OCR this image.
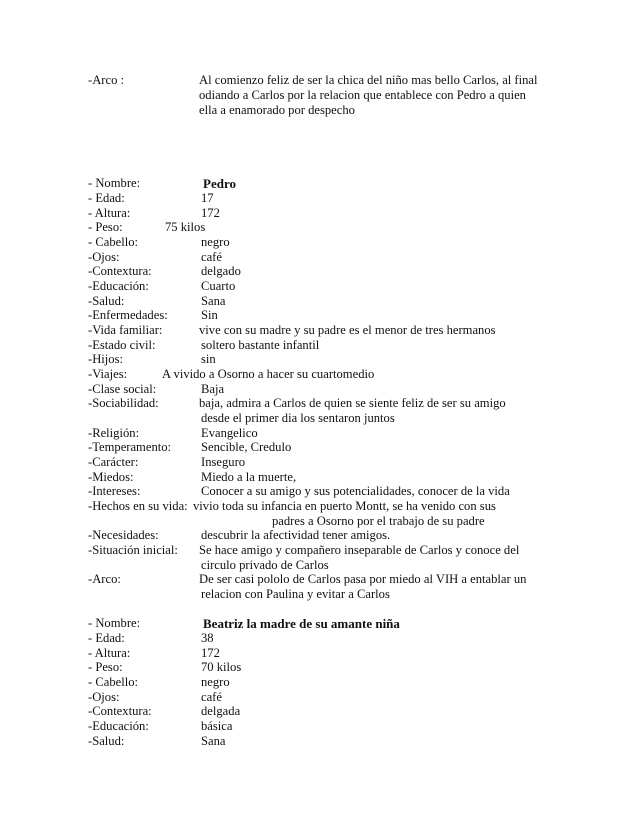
-Arco :	Al comienzo feliz de ser la chica del niño mas bello Carlos, al final
odiando a Carlos por la relacion que entablece con Pedro a quien
ella a enamorado por despecho
- Nombre:	Pedro
- Edad:	17
- Altura:	172
- Peso:	75 kilos
- Cabello:	negro
-Ojos:	café
-Contextura:	delgado
-Educación:	Cuarto
-Salud:	Sana
-Enfermedades:	Sin
-Vida familiar:	vive con su madre y su padre es el menor de tres hermanos
-Estado civil:	soltero bastante infantil
-Hijos:	sin
-Viajes:	A vivido a Osorno a hacer su cuartomedio
-Clase social:	Baja
-Sociabilidad:	baja, admira a Carlos de quien se siente feliz de ser su amigo
desde el primer dia los sentaron juntos
-Religión:	Evangelico
-Temperamento: Sencible, Credulo
-Carácter:	Inseguro
-Miedos:	Miedo a la muerte,
-Intereses:	Conocer a su amigo y sus potencialidades, conocer de la vida
-Hechos en su vida: vivio toda su infancia en puerto Montt, se ha venido con sus
padres a Osorno por el trabajo de su padre
-Necesidades:	descubrir la afectividad tener amigos.
-Situación inicial: Se hace amigo y compañero inseparable de Carlos y conoce del
circulo privado de Carlos
-Arco:	De ser casi pololo de Carlos pasa por miedo al VIH a entablar un
relacion con Paulina y evitar a Carlos
- Nombre:	Beatriz la madre de su amante niña
- Edad:	38
- Altura:	172
- Peso:	70 kilos
- Cabello:	negro
-Ojos:	café
-Contextura:	delgada
-Educación:	básica
-Salud:	Sana
